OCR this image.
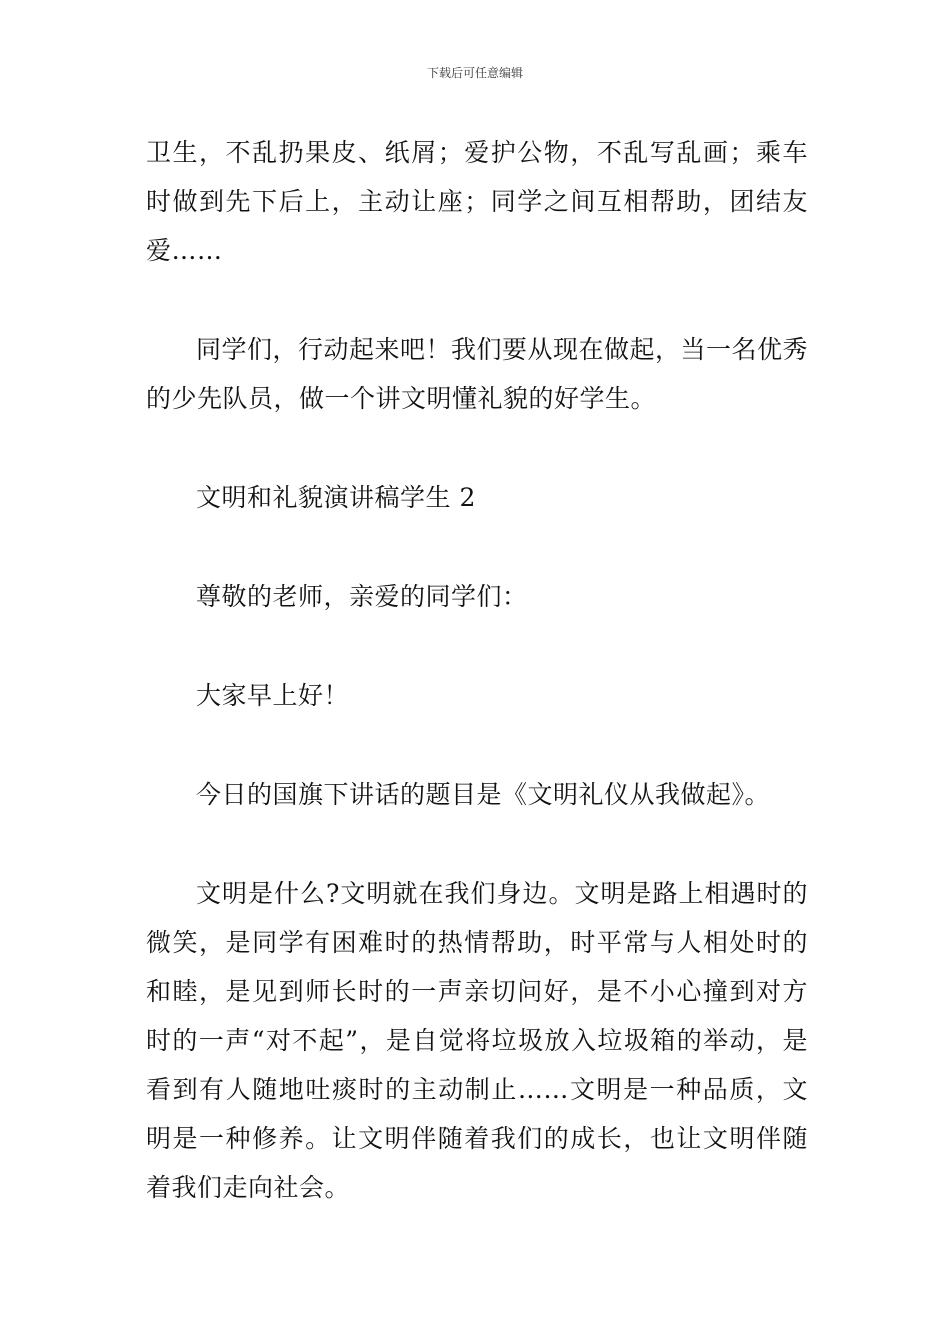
下载后可任意编辑

卫生，不乱扔果皮、纸屑；爱护公物，不乱写乱画；乘车时做到先下后上，主动让座；同学之间互相帮助，团结友爱……

同学们，行动起来吧！我们要从现在做起，当一名优秀的少先队员，做一个讲文明懂礼貌的好学生。

文明和礼貌演讲稿学生 2

尊敬的老师，亲爱的同学们：

大家早上好！

今日的国旗下讲话的题目是《文明礼仪从我做起》。

文明是什么?文明就在我们身边。文明是路上相遇时的微笑，是同学有困难时的热情帮助，时平常与人相处时的和睦，是见到师长时的一声亲切问好，是不小心撞到对方时的一声“对不起”，是自觉将垃圾放入垃圾箱的举动，是看到有人随地吐痰时的主动制止……文明是一种品质，文明是一种修养。让文明伴随着我们的成长，也让文明伴随着我们走向社会。
